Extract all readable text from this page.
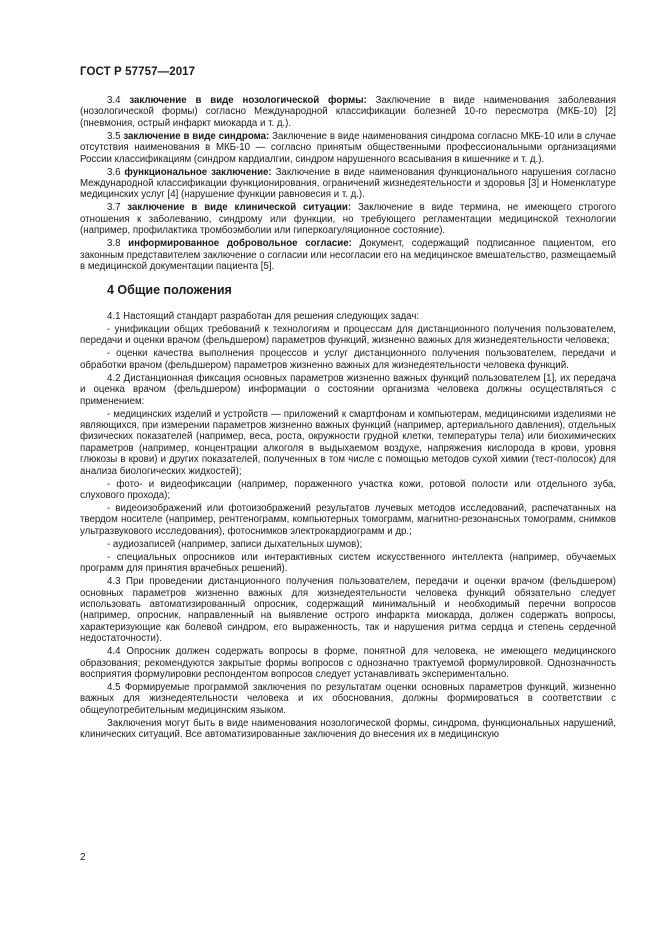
ГОСТ Р 57757—2017

3.4 заключение в виде нозологической формы: Заключение в виде наименования заболевания (нозологической формы) согласно Международной классификации болезней 10-го пересмотра (МКБ-10) [2] (пневмония, острый инфаркт миокарда и т. д.).

3.5 заключение в виде синдрома: Заключение в виде наименования синдрома согласно МКБ-10 или в случае отсутствия наименования в МКБ-10 — согласно принятым общественными профессиональными организациями России классификациям (синдром кардиалгии, синдром нарушенного всасывания в кишечнике и т. д.).

3.6 функциональное заключение: Заключение в виде наименования функционального нарушения согласно Международной классификации функционирования, ограничений жизнедеятельности и здоровья [3] и Номенклатуре медицинских услуг [4] (нарушение функции равновесия и т. д.).

3.7 заключение в виде клинической ситуации: Заключение в виде термина, не имеющего строгого отношения к заболеванию, синдрому или функции, но требующего регламентации медицинской технологии (например, профилактика тромбоэмболии или гиперкоагуляционное состояние).

3.8 информированное добровольное согласие: Документ, содержащий подписанное пациентом, его законным представителем заключение о согласии или несогласии его на медицинское вмешательство, размещаемый в медицинской документации пациента [5].

4 Общие положения

4.1 Настоящий стандарт разработан для решения следующих задач:

- унификации общих требований к технологиям и процессам для дистанционного получения пользователем, передачи и оценки врачом (фельдшером) параметров функций, жизненно важных для жизнедеятельности человека;

- оценки качества выполнения процессов и услуг дистанционного получения пользователем, передачи и обработки врачом (фельдшером) параметров жизненно важных для жизнедеятельности человека функций.

4.2 Дистанционная фиксация основных параметров жизненно важных функций пользователем [1], их передача и оценка врачом (фельдшером) информации о состоянии организма человека должны осуществляться с применением:

- медицинских изделий и устройств — приложений к смартфонам и компьютерам, медицинскими изделиями не являющихся, при измерении параметров жизненно важных функций (например, артериального давления), отдельных физических показателей (например, веса, роста, окружности грудной клетки, температуры тела) или биохимических параметров (например, концентрации алкоголя в выдыхаемом воздухе, напряжения кислорода в крови, уровня глюкозы в крови) и других показателей, полученных в том числе с помощью методов сухой химии (тест-полосок) для анализа биологических жидкостей);

- фото- и видеофиксации (например, пораженного участка кожи, ротовой полости или отдельного зуба, слухового прохода);

- видеоизображений или фотоизображений результатов лучевых методов исследований, распечатанных на твердом носителе (например, рентгенограмм, компьютерных томограмм, магнитно-резонансных томограмм, снимков ультразвукового исследования), фотоснимков электрокардиограмм и др.;

- аудиозаписей (например, записи дыхательных шумов);

- специальных опросников или интерактивных систем искусственного интеллекта (например, обучаемых программ для принятия врачебных решений).

4.3 При проведении дистанционного получения пользователем, передачи и оценки врачом (фельдшером) основных параметров жизненно важных для жизнедеятельности человека функций обязательно следует использовать автоматизированный опросник, содержащий минимальный и необходимый перечни вопросов (например, опросник, направленный на выявление острого инфаркта миокарда, должен содержать вопросы, характеризующие как болевой синдром, его выраженность, так и нарушения ритма сердца и степень сердечной недостаточности).

4.4 Опросник должен содержать вопросы в форме, понятной для человека, не имеющего медицинского образования; рекомендуются закрытые формы вопросов с однозначно трактуемой формулировкой. Однозначность восприятия формулировки респондентом вопросов следует устанавливать экспериментально.

4.5 Формируемые программой заключения по результатам оценки основных параметров функций, жизненно важных для жизнедеятельности человека и их обоснования, должны формироваться в соответствии с общеупотребительным медицинским языком.

Заключения могут быть в виде наименования нозологической формы, синдрома, функциональных нарушений, клинических ситуаций. Все автоматизированные заключения до внесения их в медицинскую

2
